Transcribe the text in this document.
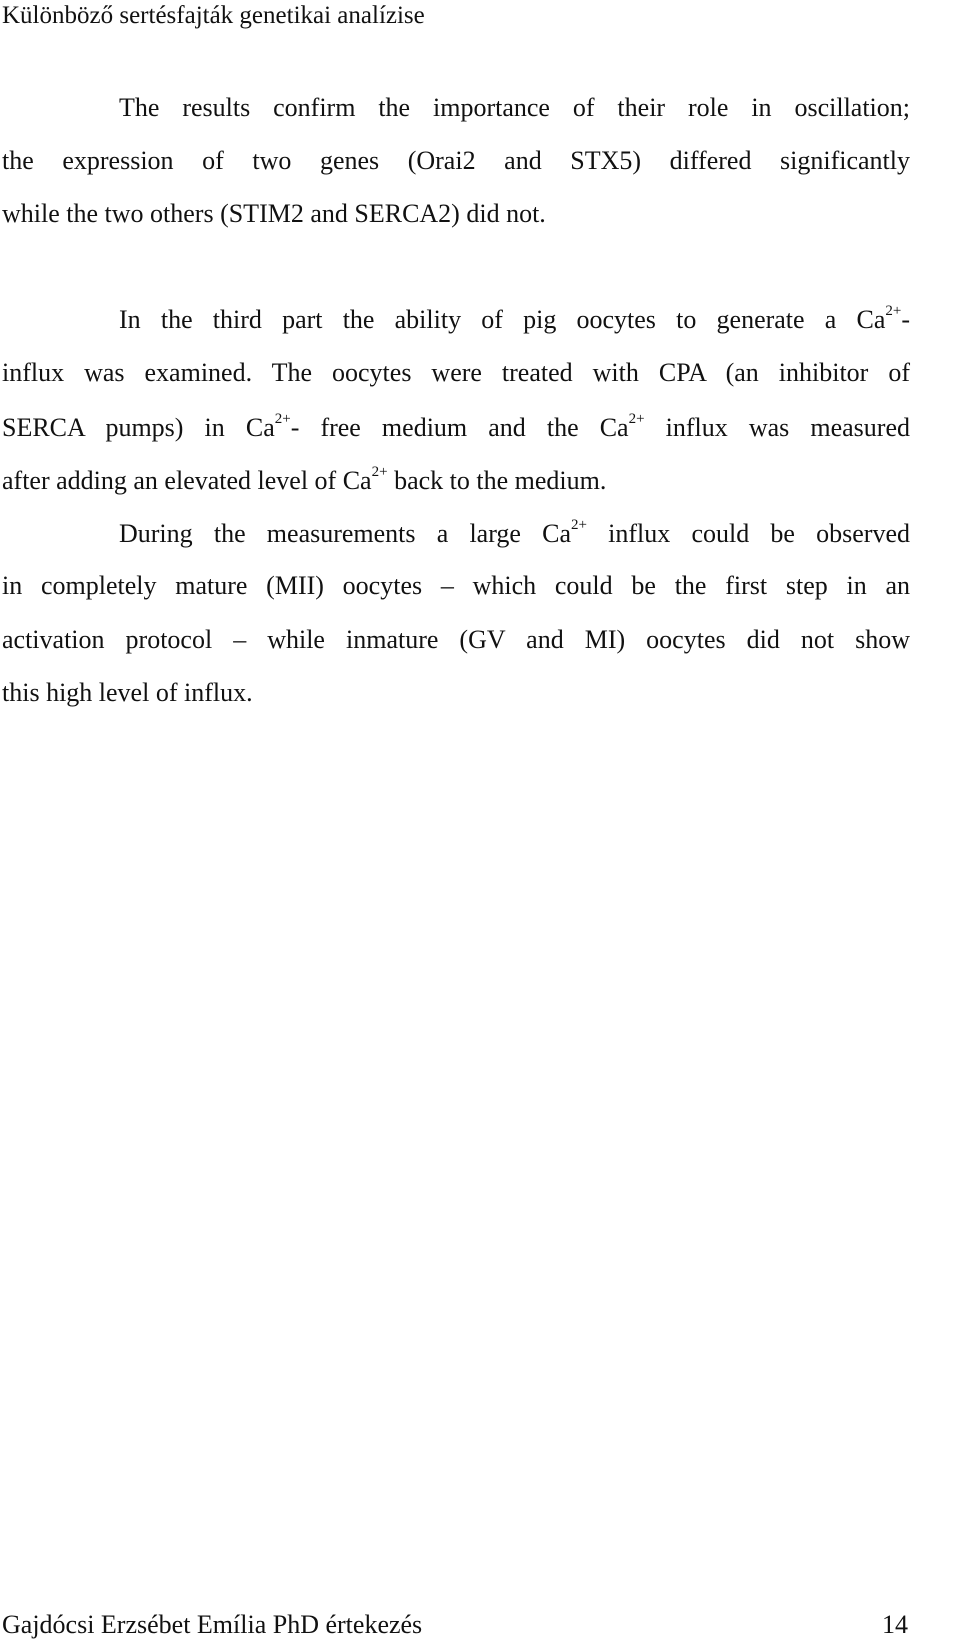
Különböző sertésfajták genetikai analízise
The results confirm the importance of their role in oscillation;
the expression of two genes (Orai2 and STX5) differed significantly
while the two others (STIM2 and SERCA2) did not.
In the third part the ability of pig oocytes to generate a $Ca^{2+}-$
influx was examined. The oocytes were treated with CPA (an inhibitor of
SERCA pumps) in $Ca^{2+}-$ free medium and the $Ca^{2+}$ influx was measured
after adding an elevated level of $Ca^{2+}$ back to the medium.
During the measurements a large $Ca^{2+}$ influx could be observed
in completely mature (MII) oocytes – which could be the first step in an
activation protocol – while inmature (GV and MI) oocytes did not show
this high level of influx.
Gajdócsi Erzsébet Emília PhD értekezés	14
